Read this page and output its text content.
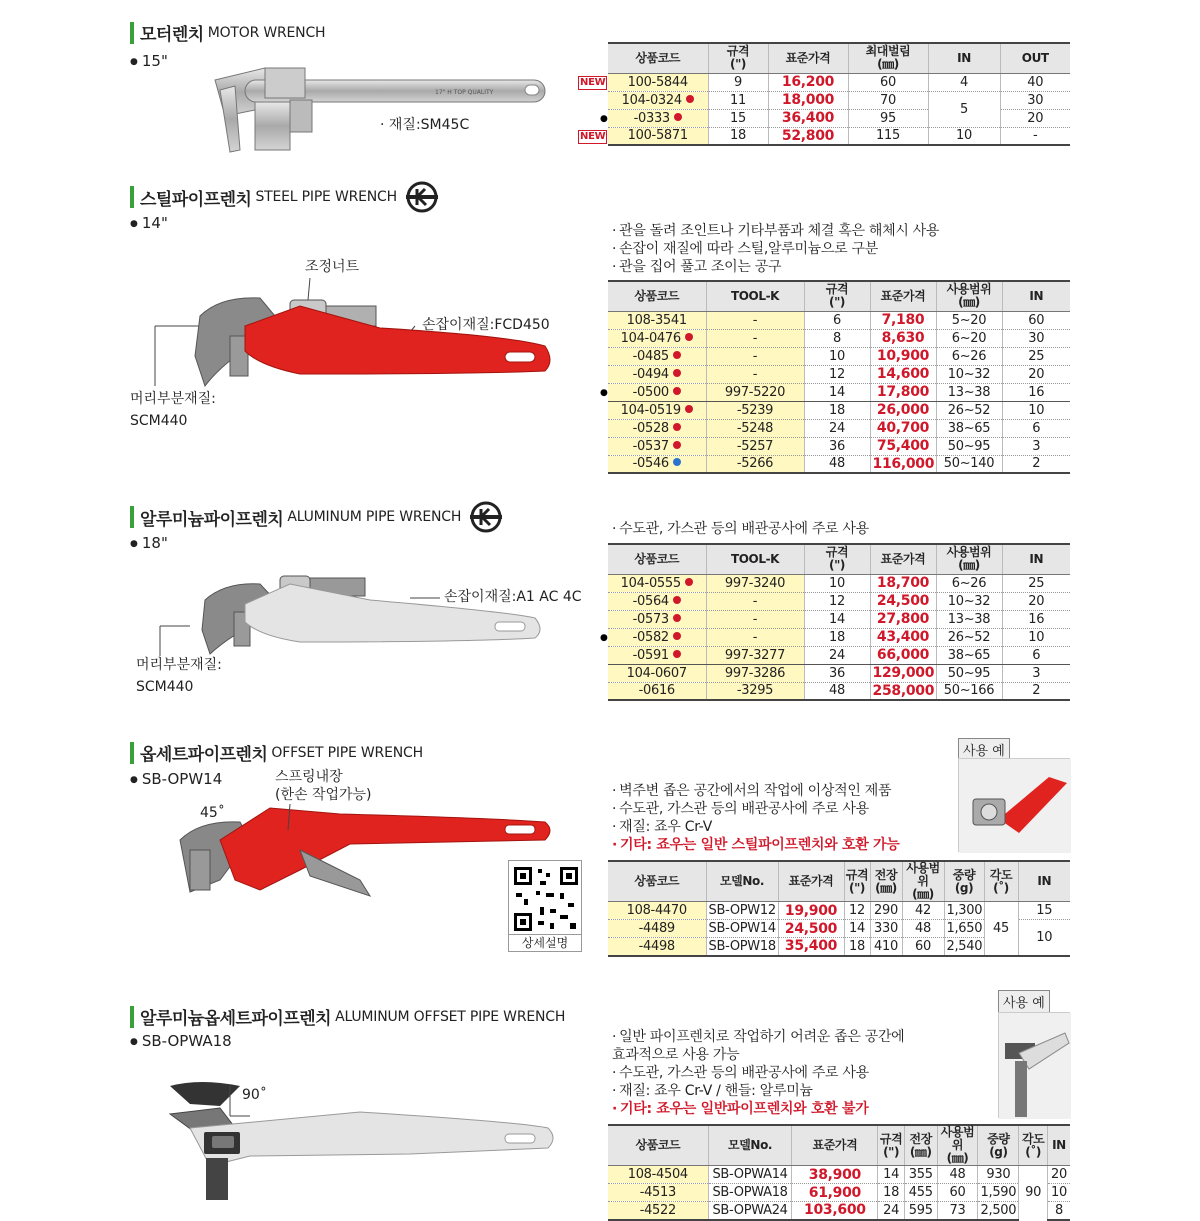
모터렌치 MOTOR WRENCH
● 15"
17" H TOP QUALITY
· 재질:SM45C
상품코드	규격
(")	표준가격	최대벌림
(㎜)	IN	OUT

NEW 100-5844	9	16,200	60	4	40
104-0324	11	18,000	70	5	30

● -0333	15	36,400	95		20

NEW 100-5871	18	52,800	115	10	-
스틸파이프렌치 STEEL PIPE WRENCH
● 14"	· 관을 돌려 조인트나 기타부품과 체결 혹은 해체시 사용
· 손잡이 재질에 따라 스틸,알루미늄으로 구분
· 관을 집어 풀고 조이는 공구
조정너트
손잡이재질:FCD450
머리부분재질:
SCM440
상품코드	TOOL-K	규격
(")	표준가격	사용범위
(㎜)	IN
108-3541	-	6	7,180	5~20	60
104-0476	-	8	8,630	6~20	30
-0485	-	10	10,900	6~26	25
-0494	-	12	14,600	10~32	20

● -0500	997-5220	14	17,800	13~38	16
104-0519	-5239	18	26,000	26~52	10
-0528	-5248	24	40,700	38~65	6
-0537	-5257	36	75,400	50~95	3
-0546	-5266	48	116,000	50~140	2
알루미늄파이프렌치 ALUMINUM PIPE WRENCH
● 18"
· 수도관, 가스관 등의 배관공사에 주로 사용
손잡이재질:A1 AC 4C
머리부분재질:
SCM440
상품코드	TOOL-K	규격
(")	표준가격	사용범위
(㎜)	IN
104-0555	997-3240	10	18,700	6~26	25
-0564	-	12	24,500	10~32	20
-0573	-	14	27,800	13~38	16

● -0582	-	18	43,400	26~52	10
-0591	997-3277	24	66,000	38~65	6
104-0607	997-3286	36	129,000	50~95	3
-0616	-3295	48	258,000	50~166	2
옵세트파이프렌치 OFFSET PIPE WRENCH
● SB-OPW14	스프링내장
(한손 작업가능)
45˚
· 벽주변 좁은 공간에서의 작업에 이상적인 제품
· 수도관, 가스관 등의 배관공사에 주로 사용
· 재질: 죠우 Cr-V
· 기타: 죠우는 일반 스틸파이프렌치와 호환 가능
사용 예
상세설명
상품코드	모델No.	표준가격	규격
(")	전장
(㎜)	사용범위
(㎜)	중량
(g)	각도
(˚)	IN
108-4470	SB-OPW12	19,900	12	290	42	1,300	45	15
-4489	SB-OPW14	24,500	14	330	48	1,650		10
-4498	SB-OPW18	35,400	18	410	60	2,540		
알루미늄옵세트파이프렌치 ALUMINUM OFFSET PIPE WRENCH
● SB-OPWA18
90˚
· 일반 파이프렌치로 작업하기 어려운 좁은 공간에
효과적으로 사용 가능
· 수도관, 가스관 등의 배관공사에 주로 사용
· 재질: 죠우 Cr-V / 핸들: 알루미늄
· 기타: 죠우는 일반파이프렌치와 호환 불가
사용 예
상품코드	모델No.	표준가격	규격
(")	전장
(㎜)	사용범위
(㎜)	중량
(g)	각도
(˚)	IN
108-4504	SB-OPWA14	38,900	14	355	48	930	90	20
-4513	SB-OPWA18	61,900	18	455	60	1,590		10
-4522	SB-OPWA24	103,600	24	595	73	2,500		8
